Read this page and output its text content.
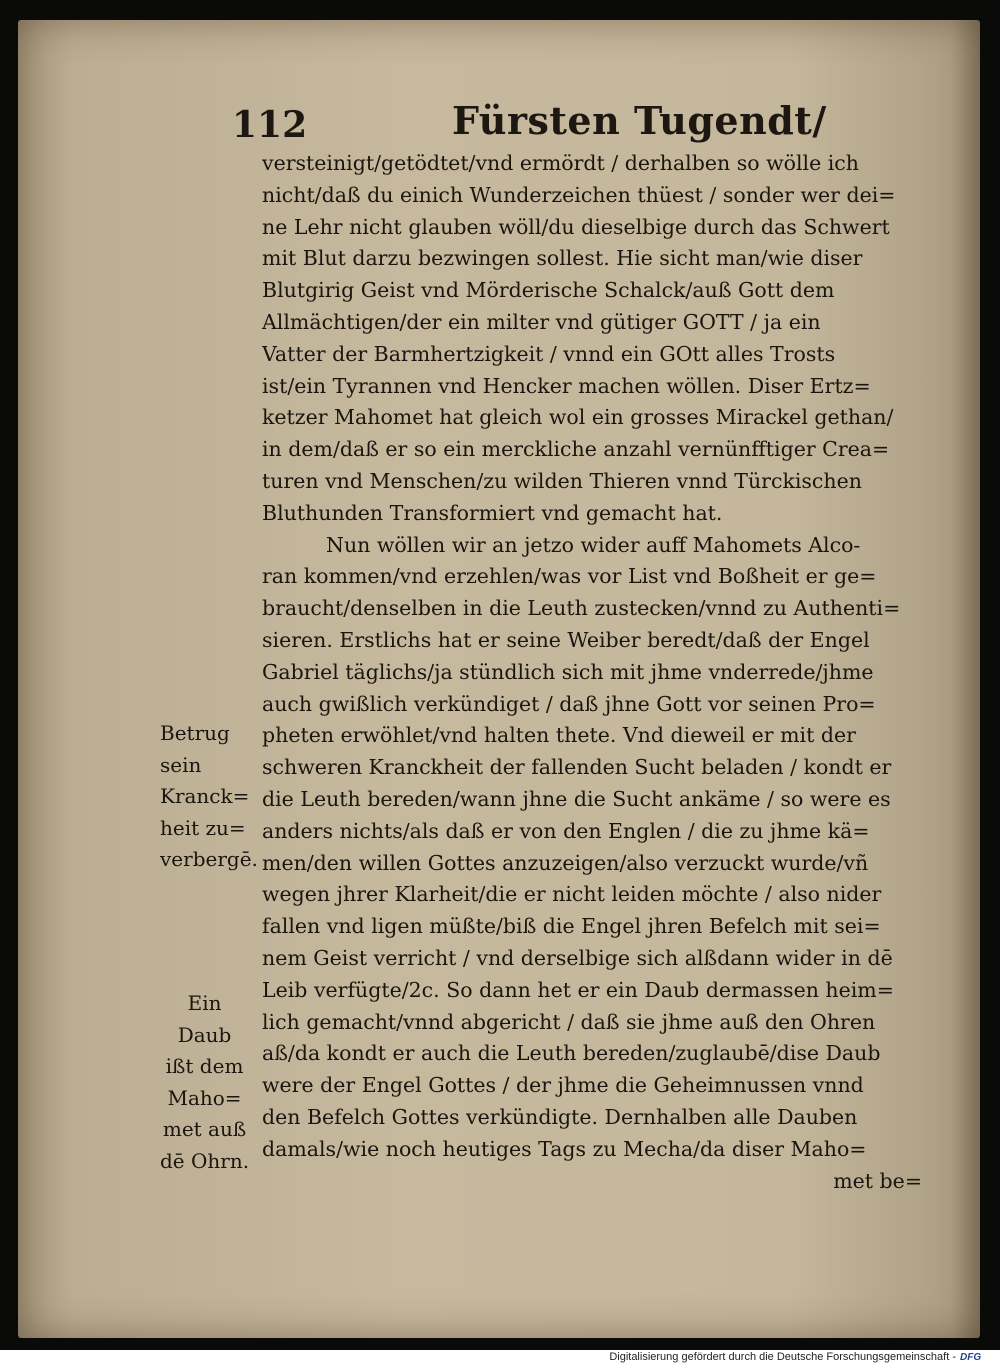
112	Fürsten Tugendt/
versteinigt/getödtet/vnd ermördt / derhalben so wölle ich
nicht/daß du einich Wunderzeichen thüest / sonder wer dei=
ne Lehr nicht glauben wöll/du dieselbige durch das Schwert
mit Blut darzu bezwingen sollest. Hie sicht man/wie diser
Blutgirig Geist vnd Mörderische Schalck/auß Gott dem
Allmächtigen/der ein milter vnd gütiger GOTT / ja ein
Vatter der Barmhertzigkeit / vnnd ein GOtt alles Trosts
ist/ein Tyrannen vnd Hencker machen wöllen. Diser Ertz=
ketzer Mahomet hat gleich wol ein grosses Mirackel gethan/
in dem/daß er so ein merckliche anzahl vernünfftiger Crea=
turen vnd Menschen/zu wilden Thieren vnnd Türckischen
Bluthunden Transformiert vnd gemacht hat.
Nun wöllen wir an jetzo wider auff Mahomets Alco-
ran kommen/vnd erzehlen/was vor List vnd Boßheit er ge=
braucht/denselben in die Leuth zustecken/vnnd zu Authenti=
sieren. Erstlichs hat er seine Weiber beredt/daß der Engel
Gabriel täglichs/ja stündlich sich mit jhme vnderrede/jhme
auch gwißlich verkündiget / daß jhne Gott vor seinen Pro=
pheten erwöhlet/vnd halten thete. Vnd dieweil er mit der
schweren Kranckheit der fallenden Sucht beladen / kondt er
die Leuth bereden/wann jhne die Sucht ankäme / so were es
anders nichts/als daß er von den Englen / die zu jhme kä=
men/den willen Gottes anzuzeigen/also verzuckt wurde/vñ
wegen jhrer Klarheit/die er nicht leiden möchte / also nider
fallen vnd ligen müßte/biß die Engel jhren Befelch mit sei=
nem Geist verricht / vnd derselbige sich alßdann wider in dē
Leib verfügte/2c. So dann het er ein Daub dermassen heim=
lich gemacht/vnnd abgericht / daß sie jhme auß den Ohren
aß/da kondt er auch die Leuth bereden/zuglaubē/dise Daub
were der Engel Gottes / der jhme die Geheimnussen vnnd
den Befelch Gottes verkündigte. Dernhalben alle Dauben
damals/wie noch heutiges Tags zu Mecha/da diser Maho=
met be=
Betrug
sein
Kranck=
heit zu=
verbergē.
Ein
Daub
ißt dem
Maho=
met auß
dē Ohrn.
Digitalisierung gefördert durch die Deutsche Forschungsgemeinschaft - DFG
